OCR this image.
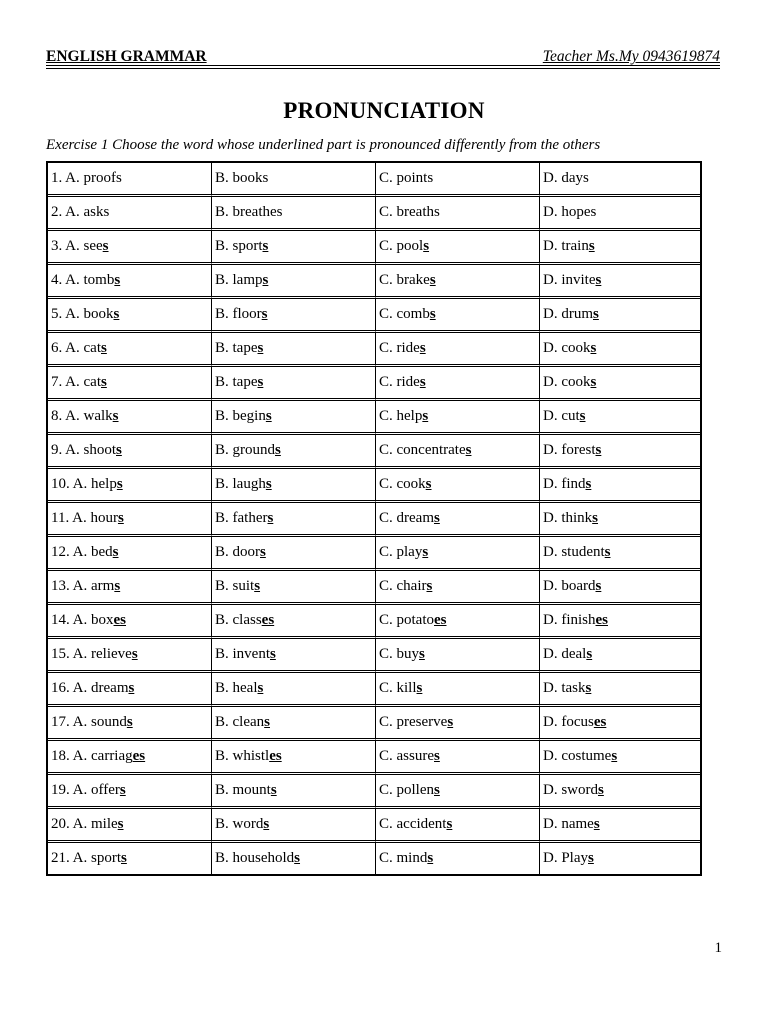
ENGLISH GRAMMAR	Teacher Ms.My 0943619874
PRONUNCIATION
Exercise 1 Choose the word whose underlined part is pronounced differently from the others
1. A. proofs	B. books	C. points	D. days
2. A. asks	B. breathes	C. breaths	D. hopes
3. A. sees	B. sports	C. pools	D. trains
4. A. tombs	B. lamps	C. brakes	D. invites
5. A. books	B. floors	C. combs	D. drums
6. A. cats	B. tapes	C. rides	D. cooks
7. A. cats	B. tapes	C. rides	D. cooks
8. A. walks	B. begins	C. helps	D. cuts
9. A. shoots	B. grounds	C. concentrates	D. forests
10. A. helps	B. laughs	C. cooks	D. finds
11. A. hours	B. fathers	C. dreams	D. thinks
12. A. beds	B. doors	C. plays	D. students
13. A. arms	B. suits	C. chairs	D. boards
14. A. boxes	B. classes	C. potatoes	D. finishes
15. A. relieves	B. invents	C. buys	D. deals
16. A. dreams	B. heals	C. kills	D. tasks
17. A. sounds	B. cleans	C. preserves	D. focuses
18. A. carriages	B. whistles	C. assures	D. costumes
19. A. offers	B. mounts	C. pollens	D. swords
20. A. miles	B. words	C. accidents	D. names
21. A. sports	B. households	C. minds	D. Plays
1
